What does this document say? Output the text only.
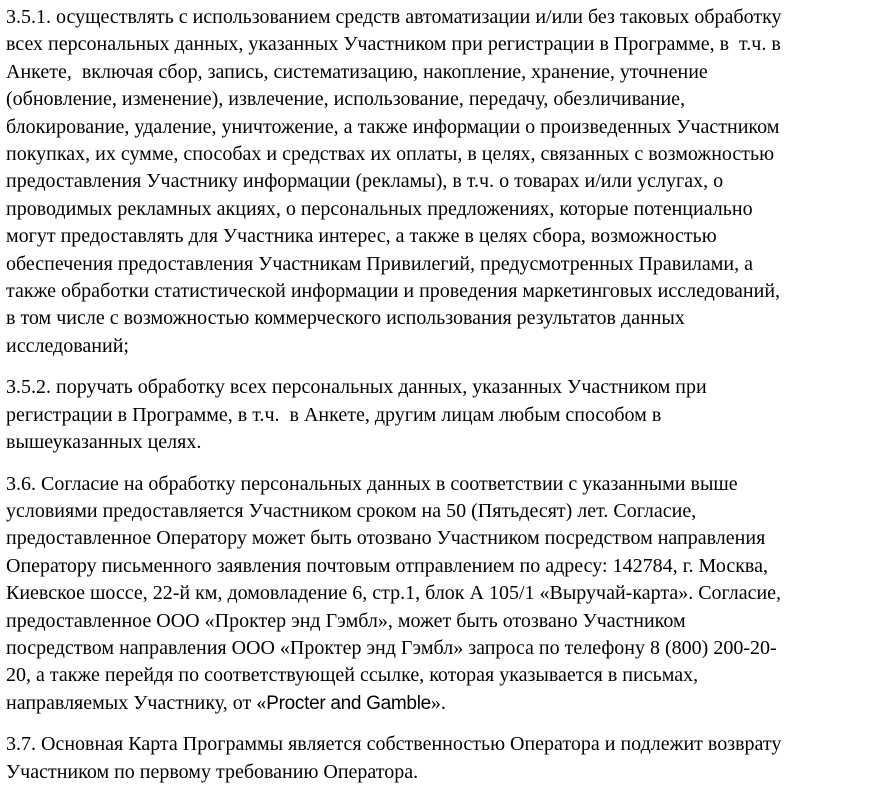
3.5.1. осуществлять с использованием средств автоматизации и/или без таковых обработку
всех персональных данных, указанных Участником при регистрации в Программе, в  т.ч. в
Анкете,  включая сбор, запись, систематизацию, накопление, хранение, уточнение
(обновление, изменение), извлечение, использование, передачу, обезличивание,
блокирование, удаление, уничтожение, а также информации о произведенных Участником
покупках, их сумме, способах и средствах их оплаты, в целях, связанных с возможностью
предоставления Участнику информации (рекламы), в т.ч. о товарах и/или услугах, о
проводимых рекламных акциях, о персональных предложениях, которые потенциально
могут предоставлять для Участника интерес, а также в целях сбора, возможностью
обеспечения предоставления Участникам Привилегий, предусмотренных Правилами, а
также обработки статистической информации и проведения маркетинговых исследований,
в том числе с возможностью коммерческого использования результатов данных
исследований;

3.5.2. поручать обработку всех персональных данных, указанных Участником при
регистрации в Программе, в т.ч.  в Анкете, другим лицам любым способом в
вышеуказанных целях.

3.6. Согласие на обработку персональных данных в соответствии с указанными выше
условиями предоставляется Участником сроком на 50 (Пятьдесят) лет. Согласие,
предоставленное Оператору может быть отозвано Участником посредством направления
Оператору письменного заявления почтовым отправлением по адресу: 142784, г. Москва,
Киевское шоссе, 22-й км, домовладение 6, стр.1, блок А 105/1 «Выручай-карта». Согласие,
предоставленное ООО «Проктер энд Гэмбл», может быть отозвано Участником
посредством направления ООО «Проктер энд Гэмбл» запроса по телефону 8 (800) 200-20-
20, а также перейдя по соответствующей ссылке, которая указывается в письмах,
направляемых Участнику, от «Procter and Gamble».

3.7. Основная Карта Программы является собственностью Оператора и подлежит возврату
Участником по первому требованию Оператора.
